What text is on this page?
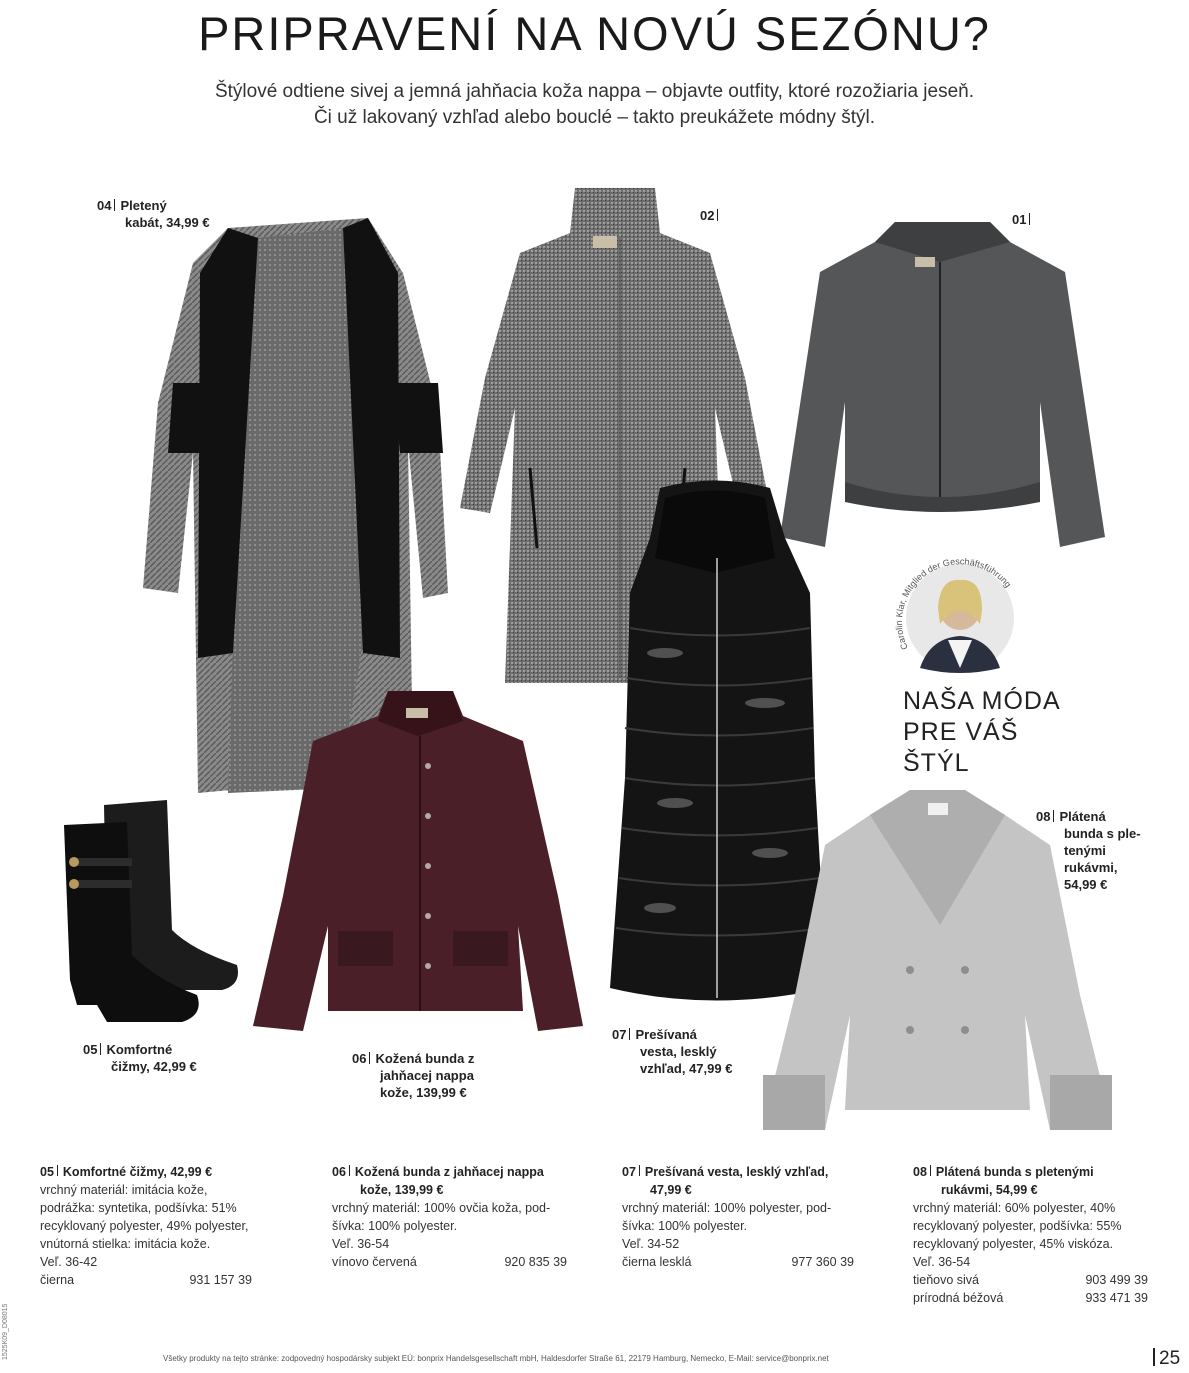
PRIPRAVENÍ NA NOVÚ SEZÓNU?
Štýlové odtiene sivej a jemná jahňacia koža nappa – objavte outfity, ktoré rozožiaria jeseň.
Či už lakovaný vzhľad alebo bouclé – takto preukážete módny štýl.
Carolin Klar, Mitglied der Geschäftsführung
NAŠA MÓDA
PRE VÁŠ
ŠTÝL
04 Pletený
kabát, 34,99 €	02	01
05 Komfortné
čižmy, 42,99 €
06 Kožená bunda z
jahňacej nappa
kože, 139,99 €
07 Prešívaná
vesta, lesklý
vzhľad, 47,99 €
08 Plátená
bunda s ple-
tenými
rukávmi,
54,99 €
05 Komfortné čižmy, 42,99 €
vrchný materiál: imitácia kože,
podrážka: syntetika, podšívka: 51%
recyklovaný polyester, 49% polyester,
vnútorná stielka: imitácia kože.
Veľ. 36-42
čierna	931 157 39
06 Kožená bunda z jahňacej nappa
kože, 139,99 €
vrchný materiál: 100% ovčia koža, pod-
šívka: 100% polyester.
Veľ. 36-54
vínovo červená	920 835 39
07 Prešívaná vesta, lesklý vzhľad,
47,99 €
vrchný materiál: 100% polyester, pod-
šívka: 100% polyester.
Veľ. 34-52
čierna lesklá	977 360 39
08 Plátená bunda s pletenými
rukávmi, 54,99 €
vrchný materiál: 60% polyester, 40%
recyklovaný polyester, podšívka: 55%
recyklovaný polyester, 45% viskóza.
Veľ. 36-54
tieňovo sivá	903 499 39
prírodná béžová	933 471 39
Všetky produkty na tejto stránke: zodpovedný hospodársky subjekt EÚ: bonprix Handelsgesellschaft mbH, Haldesdorfer Straße 61, 22179 Hamburg, Nemecko, E-Mail: service@bonprix.net	25
1525K09_D08015
